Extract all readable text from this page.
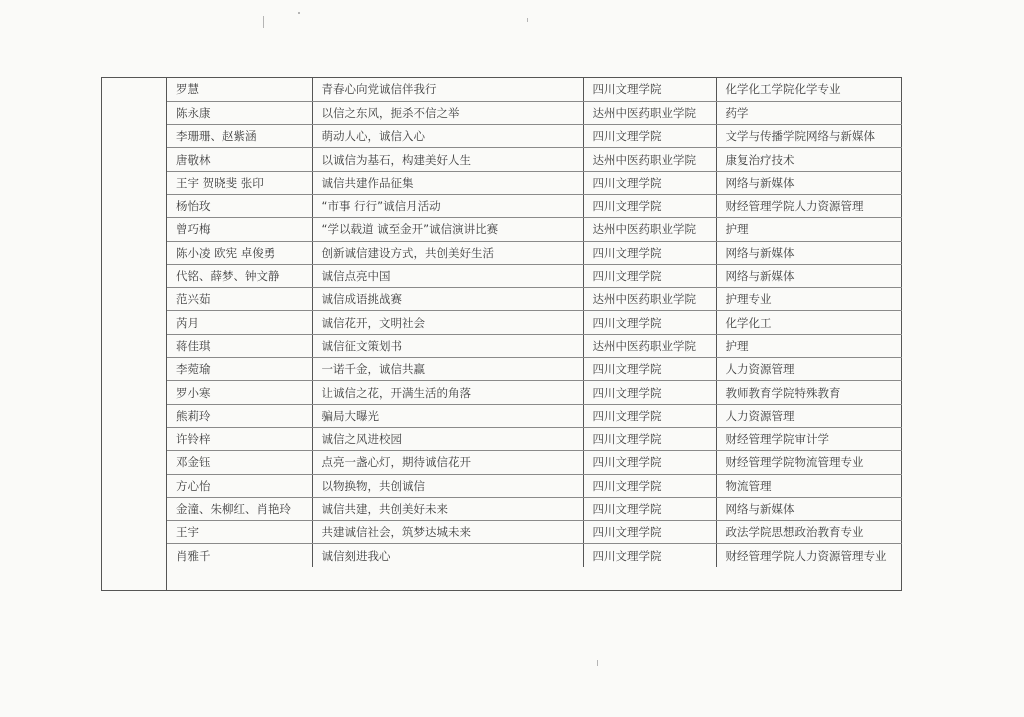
罗慧	青春心向党诚信伴我行	四川文理学院	化学化工学院化学专业
陈永康	以信之东风，扼杀不信之举	达州中医药职业学院	药学
李珊珊、赵紫涵	萌动人心，诚信入心	四川文理学院	文学与传播学院网络与新媒体
唐敬林	以诚信为基石，构建美好人生	达州中医药职业学院	康复治疗技术
王宇 贺晓斐 张印	诚信共建作品征集	四川文理学院	网络与新媒体
杨怡玫	“市事 行行”诚信月活动	四川文理学院	财经管理学院人力资源管理
曾巧梅	“学以载道 诚至金开”诚信演讲比赛	达州中医药职业学院	护理
陈小凌 欧宪 卓俊勇	创新诚信建设方式，共创美好生活	四川文理学院	网络与新媒体
代铭、薛梦、钟文静	诚信点亮中国	四川文理学院	网络与新媒体
范兴茹	诚信成语挑战赛	达州中医药职业学院	护理专业
芮月	诚信花开，文明社会	四川文理学院	化学化工
蒋佳琪	诚信征文策划书	达州中医药职业学院	护理
李菀瑜	一诺千金，诚信共赢	四川文理学院	人力资源管理
罗小寒	让诚信之花，开满生活的角落	四川文理学院	教师教育学院特殊教育
熊莉玲	骗局大曝光	四川文理学院	人力资源管理
许铃梓	诚信之风进校园	四川文理学院	财经管理学院审计学
邓金钰	点亮一盏心灯，期待诚信花开	四川文理学院	财经管理学院物流管理专业
方心怡	以物换物，共创诚信	四川文理学院	物流管理
金潼、朱柳红、肖艳玲	诚信共建，共创美好未来	四川文理学院	网络与新媒体
王宇	共建诚信社会，筑梦达城未来	四川文理学院	政法学院思想政治教育专业
肖雅千	诚信刻进我心	四川文理学院	财经管理学院人力资源管理专业
